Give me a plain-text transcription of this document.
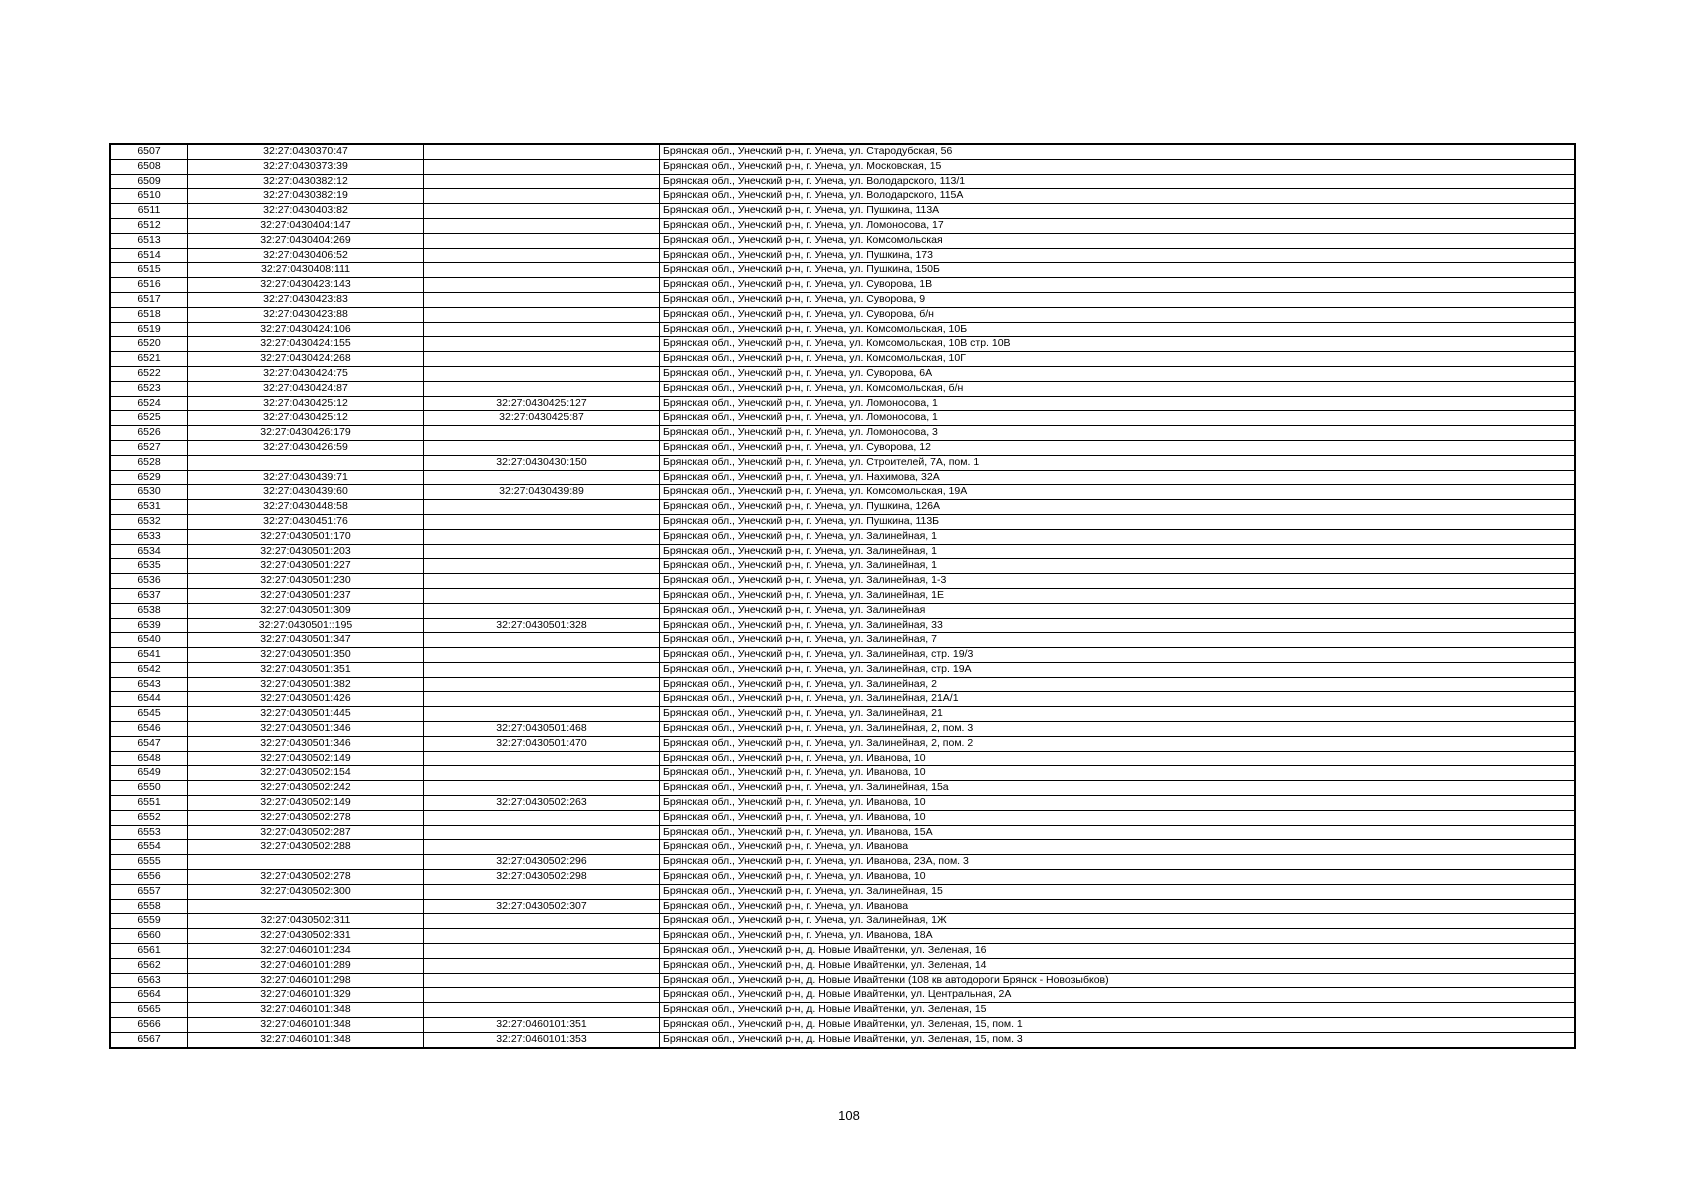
6507	32:27:0430370:47		Брянская обл., Унечский р-н, г. Унеча, ул. Стародубская, 56
6508	32:27:0430373:39		Брянская обл., Унечский р-н, г. Унеча, ул. Московская, 15
6509	32:27:0430382:12		Брянская обл., Унечский р-н, г. Унеча, ул. Володарского, 113/1
6510	32:27:0430382:19		Брянская обл., Унечский р-н, г. Унеча, ул. Володарского, 115А
6511	32:27:0430403:82		Брянская обл., Унечский р-н, г. Унеча, ул. Пушкина, 113А
6512	32:27:0430404:147		Брянская обл., Унечский р-н, г. Унеча, ул. Ломоносова, 17
6513	32:27:0430404:269		Брянская обл., Унечский р-н, г. Унеча, ул. Комсомольская
6514	32:27:0430406:52		Брянская обл., Унечский р-н, г. Унеча, ул. Пушкина, 173
6515	32:27:0430408:111		Брянская обл., Унечский р-н, г. Унеча, ул. Пушкина, 150Б
6516	32:27:0430423:143		Брянская обл., Унечский р-н, г. Унеча, ул. Суворова, 1В
6517	32:27:0430423:83		Брянская обл., Унечский р-н, г. Унеча, ул. Суворова, 9
6518	32:27:0430423:88		Брянская обл., Унечский р-н, г. Унеча, ул. Суворова, б/н
6519	32:27:0430424:106		Брянская обл., Унечский р-н, г. Унеча, ул. Комсомольская, 10Б
6520	32:27:0430424:155		Брянская обл., Унечский р-н, г. Унеча, ул. Комсомольская, 10В стр. 10В
6521	32:27:0430424:268		Брянская обл., Унечский р-н, г. Унеча, ул. Комсомольская, 10Г
6522	32:27:0430424:75		Брянская обл., Унечский р-н, г. Унеча, ул. Суворова, 6А
6523	32:27:0430424:87		Брянская обл., Унечский р-н, г. Унеча, ул. Комсомольская, б/н
6524	32:27:0430425:12	32:27:0430425:127	Брянская обл., Унечский р-н, г. Унеча, ул. Ломоносова, 1
6525	32:27:0430425:12	32:27:0430425:87	Брянская обл., Унечский р-н, г. Унеча, ул. Ломоносова, 1
6526	32:27:0430426:179		Брянская обл., Унечский р-н, г. Унеча, ул. Ломоносова, 3
6527	32:27:0430426:59		Брянская обл., Унечский р-н, г. Унеча, ул. Суворова, 12
6528		32:27:0430430:150	Брянская обл., Унечский р-н, г. Унеча, ул. Строителей, 7А, пом. 1
6529	32:27:0430439:71		Брянская обл., Унечский р-н, г. Унеча, ул. Нахимова, 32А
6530	32:27:0430439:60	32:27:0430439:89	Брянская обл., Унечский р-н, г. Унеча, ул. Комсомольская, 19А
6531	32:27:0430448:58		Брянская обл., Унечский р-н, г. Унеча, ул. Пушкина, 126А
6532	32:27:0430451:76		Брянская обл., Унечский р-н, г. Унеча, ул. Пушкина, 113Б
6533	32:27:0430501:170		Брянская обл., Унечский р-н, г. Унеча, ул. Залинейная, 1
6534	32:27:0430501:203		Брянская обл., Унечский р-н, г. Унеча, ул. Залинейная, 1
6535	32:27:0430501:227		Брянская обл., Унечский р-н, г. Унеча, ул. Залинейная, 1
6536	32:27:0430501:230		Брянская обл., Унечский р-н, г. Унеча, ул. Залинейная, 1-3
6537	32:27:0430501:237		Брянская обл., Унечский р-н, г. Унеча, ул. Залинейная, 1Е
6538	32:27:0430501:309		Брянская обл., Унечский р-н, г. Унеча, ул. Залинейная
6539	32:27:0430501::195	32:27:0430501:328	Брянская обл., Унечский р-н, г. Унеча, ул. Залинейная, 33
6540	32:27:0430501:347		Брянская обл., Унечский р-н, г. Унеча, ул. Залинейная, 7
6541	32:27:0430501:350		Брянская обл., Унечский р-н, г. Унеча, ул. Залинейная, стр. 19/3
6542	32:27:0430501:351		Брянская обл., Унечский р-н, г. Унеча, ул. Залинейная, стр. 19А
6543	32:27:0430501:382		Брянская обл., Унечский р-н, г. Унеча, ул. Залинейная, 2
6544	32:27:0430501:426		Брянская обл., Унечский р-н, г. Унеча, ул. Залинейная, 21А/1
6545	32:27:0430501:445		Брянская обл., Унечский р-н, г. Унеча, ул. Залинейная, 21
6546	32:27:0430501:346	32:27:0430501:468	Брянская обл., Унечский р-н, г. Унеча, ул. Залинейная, 2, пом. 3
6547	32:27:0430501:346	32:27:0430501:470	Брянская обл., Унечский р-н, г. Унеча, ул. Залинейная, 2, пом. 2
6548	32:27:0430502:149		Брянская обл., Унечский р-н, г. Унеча, ул. Иванова, 10
6549	32:27:0430502:154		Брянская обл., Унечский р-н, г. Унеча, ул. Иванова, 10
6550	32:27:0430502:242		Брянская обл., Унечский р-н, г. Унеча, ул. Залинейная, 15а
6551	32:27:0430502:149	32:27:0430502:263	Брянская обл., Унечский р-н, г. Унеча, ул. Иванова, 10
6552	32:27:0430502:278		Брянская обл., Унечский р-н, г. Унеча, ул. Иванова, 10
6553	32:27:0430502:287		Брянская обл., Унечский р-н, г. Унеча, ул. Иванова, 15А
6554	32:27:0430502:288		Брянская обл., Унечский р-н, г. Унеча, ул. Иванова
6555		32:27:0430502:296	Брянская обл., Унечский р-н, г. Унеча, ул. Иванова, 23А, пом. 3
6556	32:27:0430502:278	32:27:0430502:298	Брянская обл., Унечский р-н, г. Унеча, ул. Иванова, 10
6557	32:27:0430502:300		Брянская обл., Унечский р-н, г. Унеча, ул. Залинейная, 15
6558		32:27:0430502:307	Брянская обл., Унечский р-н, г. Унеча, ул. Иванова
6559	32:27:0430502:311		Брянская обл., Унечский р-н, г. Унеча, ул. Залинейная, 1Ж
6560	32:27:0430502:331		Брянская обл., Унечский р-н, г. Унеча, ул. Иванова, 18А
6561	32:27:0460101:234		Брянская обл., Унечский р-н, д. Новые Ивайтенки, ул. Зеленая, 16
6562	32:27:0460101:289		Брянская обл., Унечский р-н, д. Новые Ивайтенки, ул. Зеленая, 14
6563	32:27:0460101:298		Брянская обл., Унечский р-н, д. Новые Ивайтенки (108 кв автодороги Брянск - Новозыбков)
6564	32:27:0460101:329		Брянская обл., Унечский р-н, д. Новые Ивайтенки, ул. Центральная, 2А
6565	32:27:0460101:348		Брянская обл., Унечский р-н, д. Новые Ивайтенки, ул. Зеленая, 15
6566	32:27:0460101:348	32:27:0460101:351	Брянская обл., Унечский р-н, д. Новые Ивайтенки, ул. Зеленая, 15, пом. 1
6567	32:27:0460101:348	32:27:0460101:353	Брянская обл., Унечский р-н, д. Новые Ивайтенки, ул. Зеленая, 15, пом. 3
108
